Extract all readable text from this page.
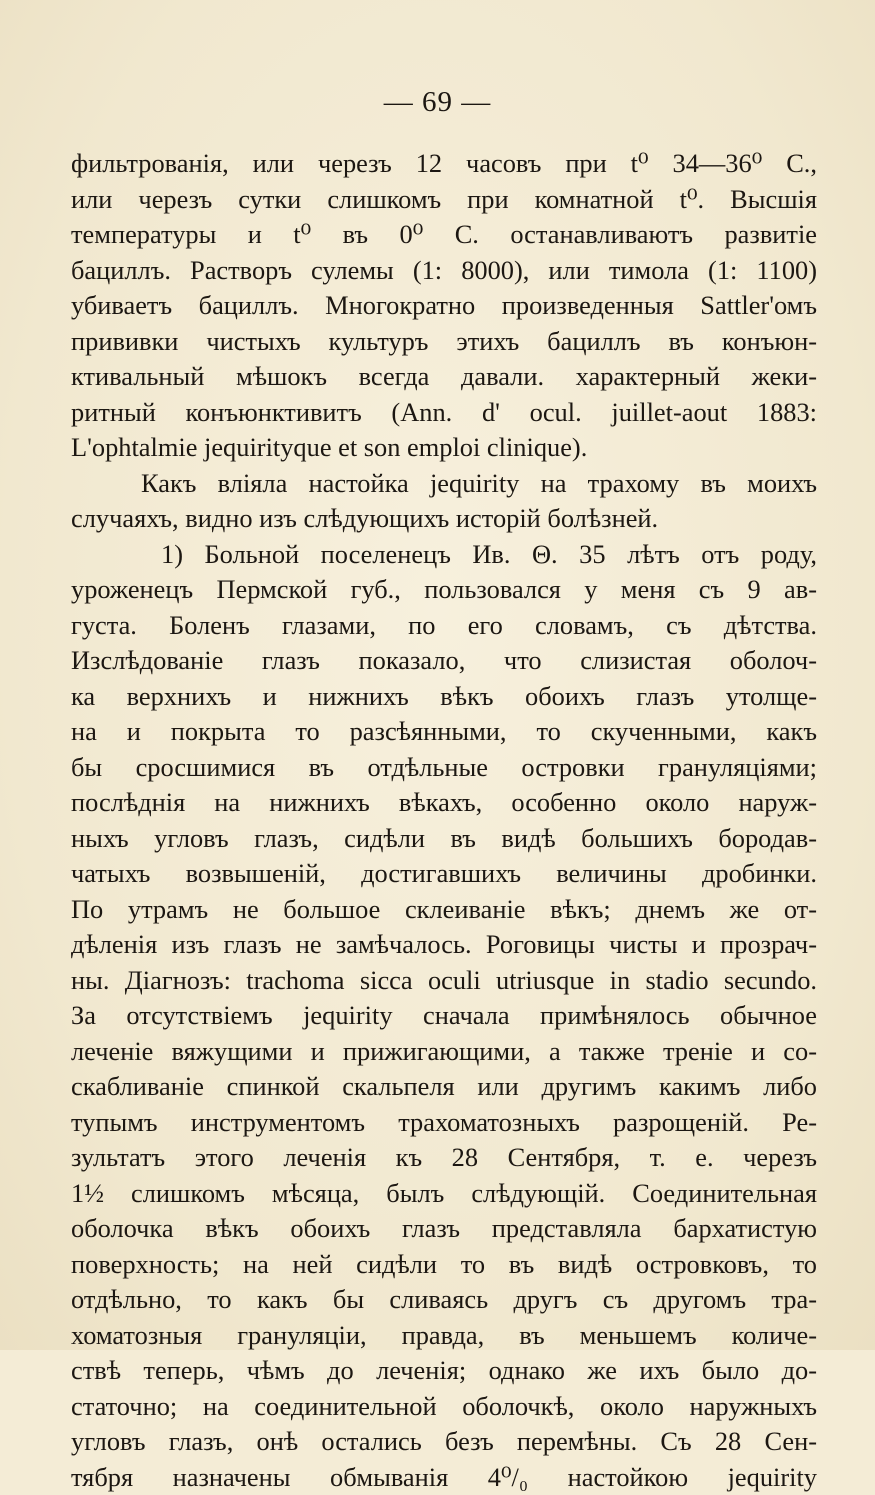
— 69 —
фильтрованія, или черезъ 12 часовъ при t⁰ 34—36⁰ С.,
или черезъ сутки слишкомъ при комнатной t⁰. Высшія
температуры и t⁰ въ 0⁰ С. останавливаютъ развитіе
бациллъ. Растворъ сулемы (1: 8000), или тимола (1: 1100)
убиваетъ бациллъ. Многократно произведенныя Sattler'омъ
прививки чистыхъ культуръ этихъ бациллъ въ конъюн-
ктивальный мѣшокъ всегда давали. характерный жеки-
ритный конъюнктивитъ (Ann. d' ocul. juillet-aout 1883:
L'ophtalmie jequirityque et son emploi clinique).
Какъ вліяла настойка jequirity на трахому въ моихъ
случаяхъ, видно изъ слѣдующихъ исторій болѣзней.
1) Больной поселенецъ Ив. Θ. 35 лѣтъ отъ роду,
уроженецъ Пермской губ., пользовался у меня съ 9 ав-
густа. Боленъ глазами, по его словамъ, съ дѣтства.
Изслѣдованіе глазъ показало, что слизистая оболоч-
ка верхнихъ и нижнихъ вѣкъ обоихъ глазъ утолще-
на и покрыта то разсѣянными, то скученными, какъ
бы сросшимися въ отдѣльные островки грануляціями;
послѣднія на нижнихъ вѣкахъ, особенно около наруж-
ныхъ угловъ глазъ, сидѣли въ видѣ большихъ бородав-
чатыхъ возвышеній, достигавшихъ величины дробинки.
По утрамъ не большое склеиваніе вѣкъ; днемъ же от-
дѣленія изъ глазъ не замѣчалось. Роговицы чисты и прозрач-
ны. Діагнозъ: trachoma sicca oculi utriusque in stadio secundo.
За отсутствіемъ jequirity сначала примѣнялось обычное
леченіе вяжущими и прижигающими, а также треніе и со-
скабливаніе спинкой скальпеля или другимъ какимъ либо
тупымъ инструментомъ трахоматозныхъ разрощеній. Ре-
зультатъ этого леченія къ 28 Сентября, т. е. черезъ
1½ слишкомъ мѣсяца, былъ слѣдующій. Соединительная
оболочка вѣкъ обоихъ глазъ представляла бархатистую
поверхность; на ней сидѣли то въ видѣ островковъ, то
отдѣльно, то какъ бы сливаясь другъ съ другомъ тра-
хоматозныя грануляціи, правда, въ меньшемъ количе-
ствѣ теперь, чѣмъ до леченія; однако же ихъ было до-
статочно; на соединительной оболочкѣ, около наружныхъ
угловъ глазъ, онѣ остались безъ перемѣны. Съ 28 Сен-
тября назначены обмыванія 4⁰/₀ настойкою jequirity
